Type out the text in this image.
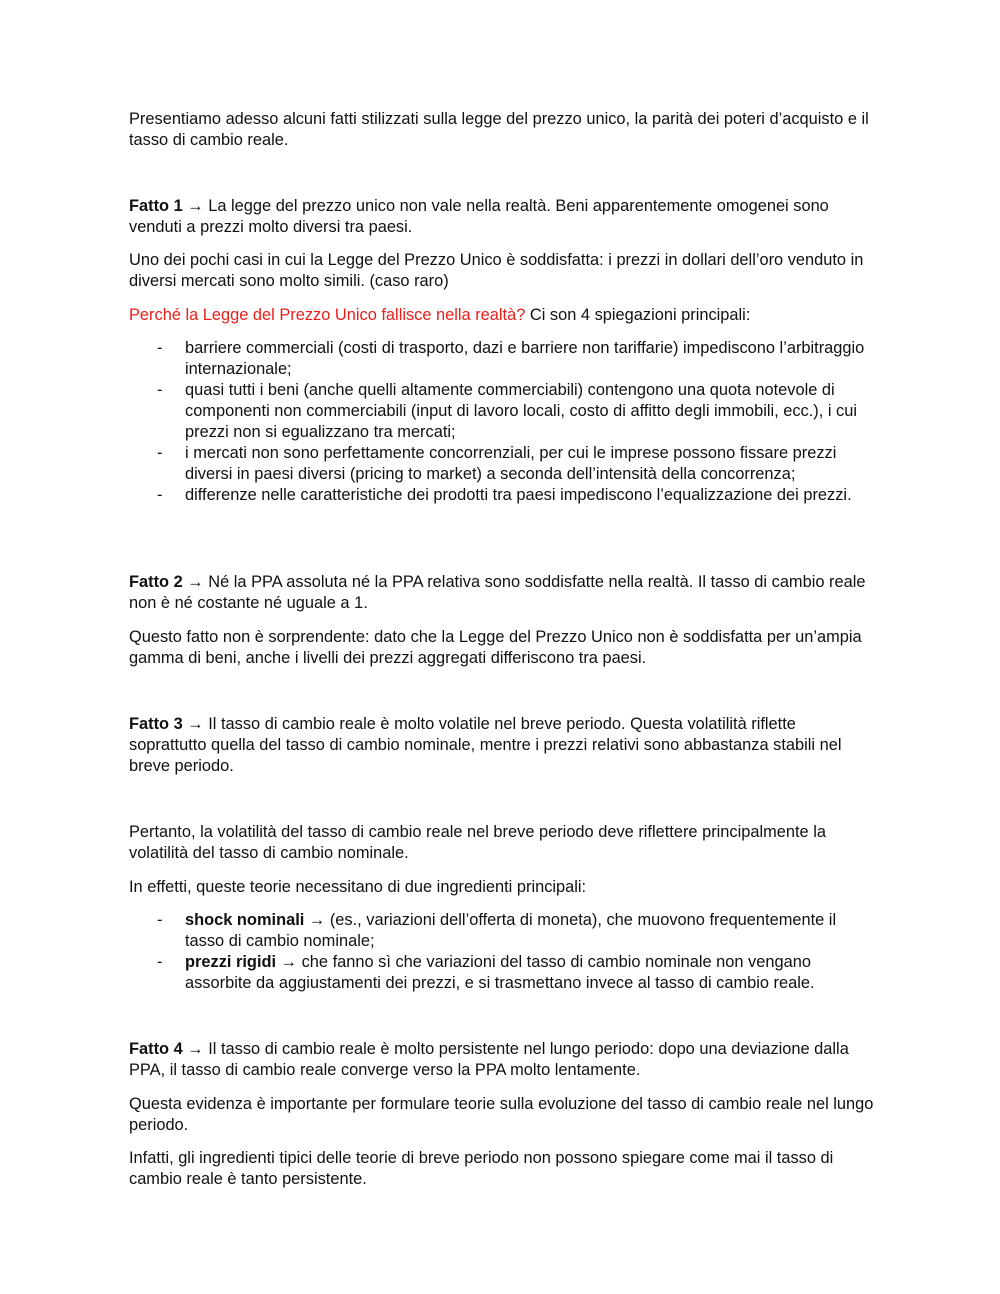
Presentiamo adesso alcuni fatti stilizzati sulla legge del prezzo unico, la parità dei poteri d’acquisto e il tasso di cambio reale.

Fatto 1 → La legge del prezzo unico non vale nella realtà. Beni apparentemente omogenei sono venduti a prezzi molto diversi tra paesi.

Uno dei pochi casi in cui la Legge del Prezzo Unico è soddisfatta: i prezzi in dollari dell’oro venduto in diversi mercati sono molto simili. (caso raro)

Perché la Legge del Prezzo Unico fallisce nella realtà? Ci son 4 spiegazioni principali:

- barriere commerciali (costi di trasporto, dazi e barriere non tariffarie) impediscono l’arbitraggio internazionale;
- quasi tutti i beni (anche quelli altamente commerciabili) contengono una quota notevole di componenti non commerciabili (input di lavoro locali, costo di affitto degli immobili, ecc.), i cui prezzi non si egualizzano tra mercati;
- i mercati non sono perfettamente concorrenziali, per cui le imprese possono fissare prezzi diversi in paesi diversi (pricing to market) a seconda dell’intensità della concorrenza;
- differenze nelle caratteristiche dei prodotti tra paesi impediscono l’equalizzazione dei prezzi.

Fatto 2 → Né la PPA assoluta né la PPA relativa sono soddisfatte nella realtà. Il tasso di cambio reale non è né costante né uguale a 1.

Questo fatto non è sorprendente: dato che la Legge del Prezzo Unico non è soddisfatta per un’ampia gamma di beni, anche i livelli dei prezzi aggregati differiscono tra paesi.

Fatto 3 → Il tasso di cambio reale è molto volatile nel breve periodo. Questa volatilità riflette soprattutto quella del tasso di cambio nominale, mentre i prezzi relativi sono abbastanza stabili nel breve periodo.

Pertanto, la volatilità del tasso di cambio reale nel breve periodo deve riflettere principalmente la volatilità del tasso di cambio nominale.

In effetti, queste teorie necessitano di due ingredienti principali:

- shock nominali → (es., variazioni dell’offerta di moneta), che muovono frequentemente il tasso di cambio nominale;
- prezzi rigidi → che fanno sì che variazioni del tasso di cambio nominale non vengano assorbite da aggiustamenti dei prezzi, e si trasmettano invece al tasso di cambio reale.

Fatto 4 → Il tasso di cambio reale è molto persistente nel lungo periodo: dopo una deviazione dalla PPA, il tasso di cambio reale converge verso la PPA molto lentamente.

Questa evidenza è importante per formulare teorie sulla evoluzione del tasso di cambio reale nel lungo periodo.

Infatti, gli ingredienti tipici delle teorie di breve periodo non possono spiegare come mai il tasso di cambio reale è tanto persistente.
